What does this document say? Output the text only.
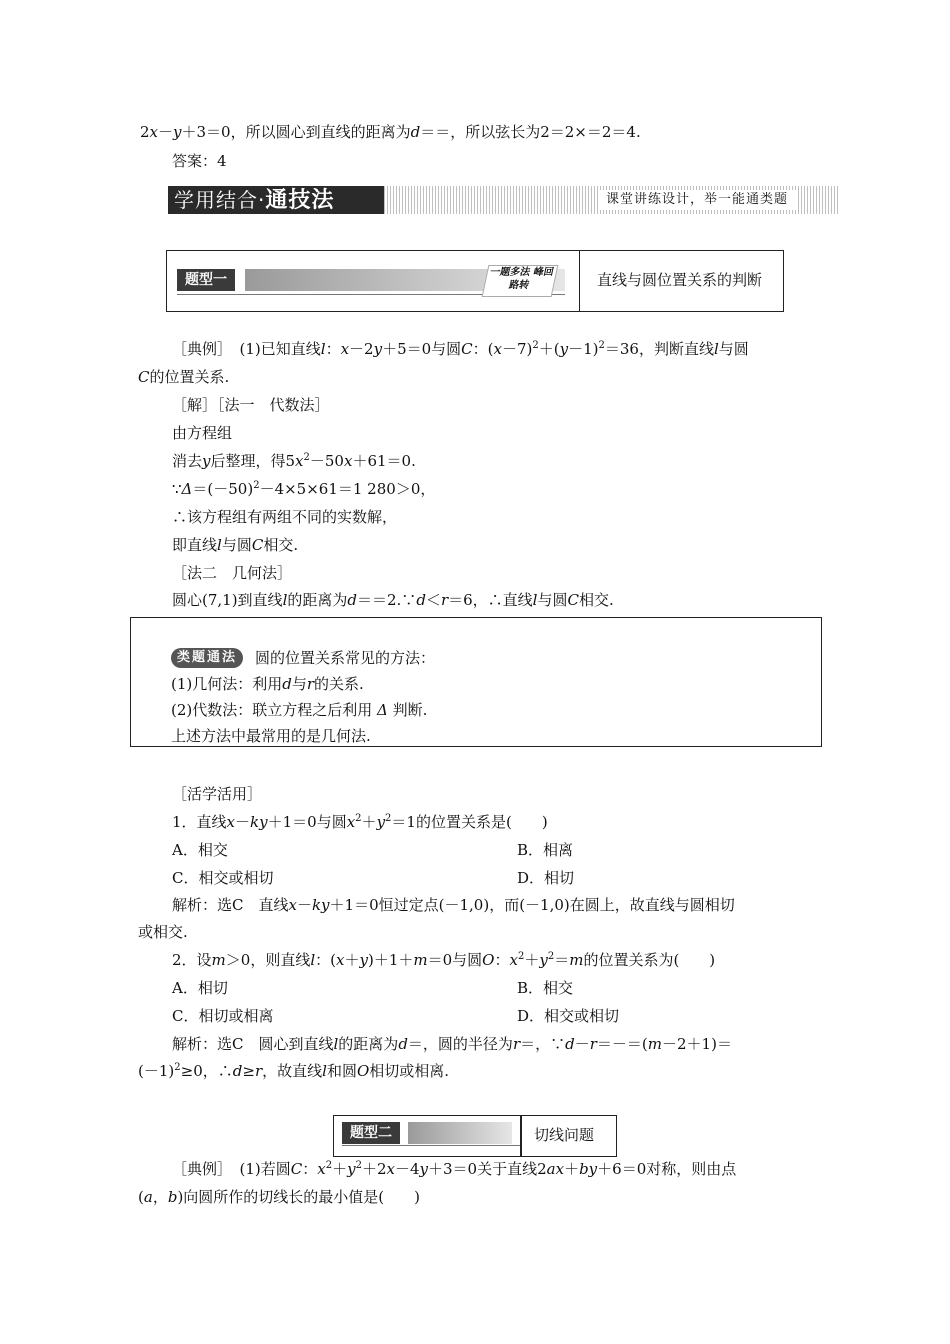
2x－y＋3＝0，所以圆心到直线的距离为d＝＝，所以弦长为2＝2×＝2＝4.
答案：4
学用结合·通技法	课堂讲练设计，举一能通类题
题型一	一题多法 峰回路转	直线与圆位置关系的判断
［典例］　(1)已知直线l：x－2y＋5＝0与圆C：$(x-7)^2+(y-1)^2=36$，判断直线l与圆
C的位置关系.
［解］［法一　代数法］
由方程组
消去y后整理，得$5x^2-50x+61=0$.
$\because\Delta=(-50)^2-4\times 5\times 61=1$ 280＞0，
∴该方程组有两组不同的实数解，
即直线l与圆C相交.
［法二　几何法］
圆心(7,1)到直线l的距离为d＝＝2.∵d＜r＝6，∴直线l与圆C相交.
类题通法	圆的位置关系常见的方法：
(1)几何法：利用d与r的关系.
(2)代数法：联立方程之后利用 Δ 判断.
上述方法中最常用的是几何法.
［活学活用］
1．直线x－ky＋1＝0与圆$x^2+y^2=1$的位置关系是(　　)
A．相交	B．相离
C．相交或相切	D．相切
解析：选C　直线x－ky＋1＝0恒过定点(－1,0)，而(－1,0)在圆上，故直线与圆相切
或相交.
2．设m＞0，则直线l：(x＋y)＋1＋m＝0与圆O：$x^2+y^2=m$的位置关系为(　　)
A．相切	B．相交
C．相切或相离	D．相交或相切
解析：选C　圆心到直线l的距离为d＝，圆的半径为r＝，∵d－r＝－＝(m－2＋1)＝
$(-1)^2\ge 0$，∴d≥r，故直线l和圆O相切或相离.
题型二	切线问题
［典例］　(1)若圆C：$x^2+y^2+2x-4y+3=0$关于直线2ax＋by＋6＝0对称，则由点
(a，b)向圆所作的切线长的最小值是(　　)
